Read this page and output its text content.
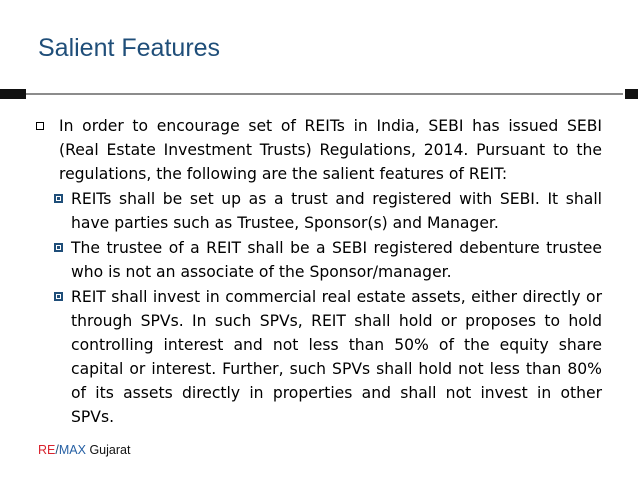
Salient Features
In order to encourage set of REITs in India, SEBI has issued SEBI (Real Estate Investment Trusts) Regulations, 2014. Pursuant to the regulations, the following are the salient features of REIT:
REITs shall be set up as a trust and registered with SEBI. It shall have parties such as Trustee, Sponsor(s) and Manager.
The trustee of a REIT shall be a SEBI registered debenture trustee who is not an associate of the Sponsor/manager.
REIT shall invest in commercial real estate assets, either directly or through SPVs. In such SPVs, REIT shall hold or proposes to hold controlling interest and not less than 50% of the equity share capital or interest. Further, such SPVs shall hold not less than 80% of its assets directly in properties and shall not invest in other SPVs.
RE/MAX Gujarat
